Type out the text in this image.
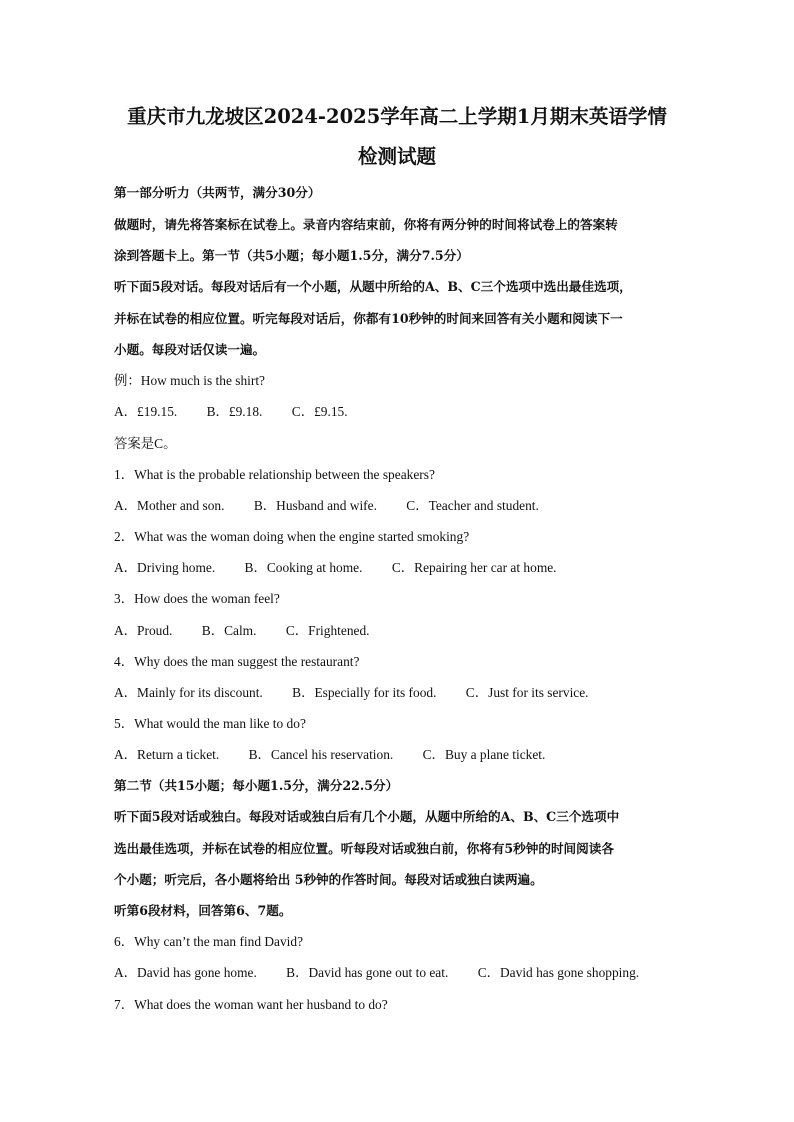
重庆市九龙坡区2024-2025学年高二上学期1月期末英语学情
检测试题
第一部分听力（共两节，满分30分）
做题时，请先将答案标在试卷上。录音内容结束前，你将有两分钟的时间将试卷上的答案转
涂到答题卡上。第一节（共5小题；每小题1.5分，满分7.5分）
听下面5段对话。每段对话后有一个小题，从题中所给的A、B、C三个选项中选出最佳选项，
并标在试卷的相应位置。听完每段对话后，你都有10秒钟的时间来回答有关小题和阅读下一
小题。每段对话仅读一遍。
例：How much is the shirt?
A．£19.15. B．£9.18. C．£9.15.
答案是C。
1．What is the probable relationship between the speakers?
A．Mother and son. B．Husband and wife. C．Teacher and student.
2．What was the woman doing when the engine started smoking?
A．Driving home. B．Cooking at home. C．Repairing her car at home.
3．How does the woman feel?
A．Proud. B．Calm. C．Frightened.
4．Why does the man suggest the restaurant?
A．Mainly for its discount. B．Especially for its food. C．Just for its service.
5．What would the man like to do?
A．Return a ticket. B．Cancel his reservation. C．Buy a plane ticket.
第二节（共15小题；每小题1.5分，满分22.5分）
听下面5段对话或独白。每段对话或独白后有几个小题，从题中所给的A、B、C三个选项中
选出最佳选项，并标在试卷的相应位置。听每段对话或独白前，你将有5秒钟的时间阅读各
个小题；听完后，各小题将给出 5秒钟的作答时间。每段对话或独白读两遍。
听第6段材料，回答第6、7题。
6．Why can’t the man find David?
A．David has gone home. B．David has gone out to eat. C．David has gone shopping.
7．What does the woman want her husband to do?
